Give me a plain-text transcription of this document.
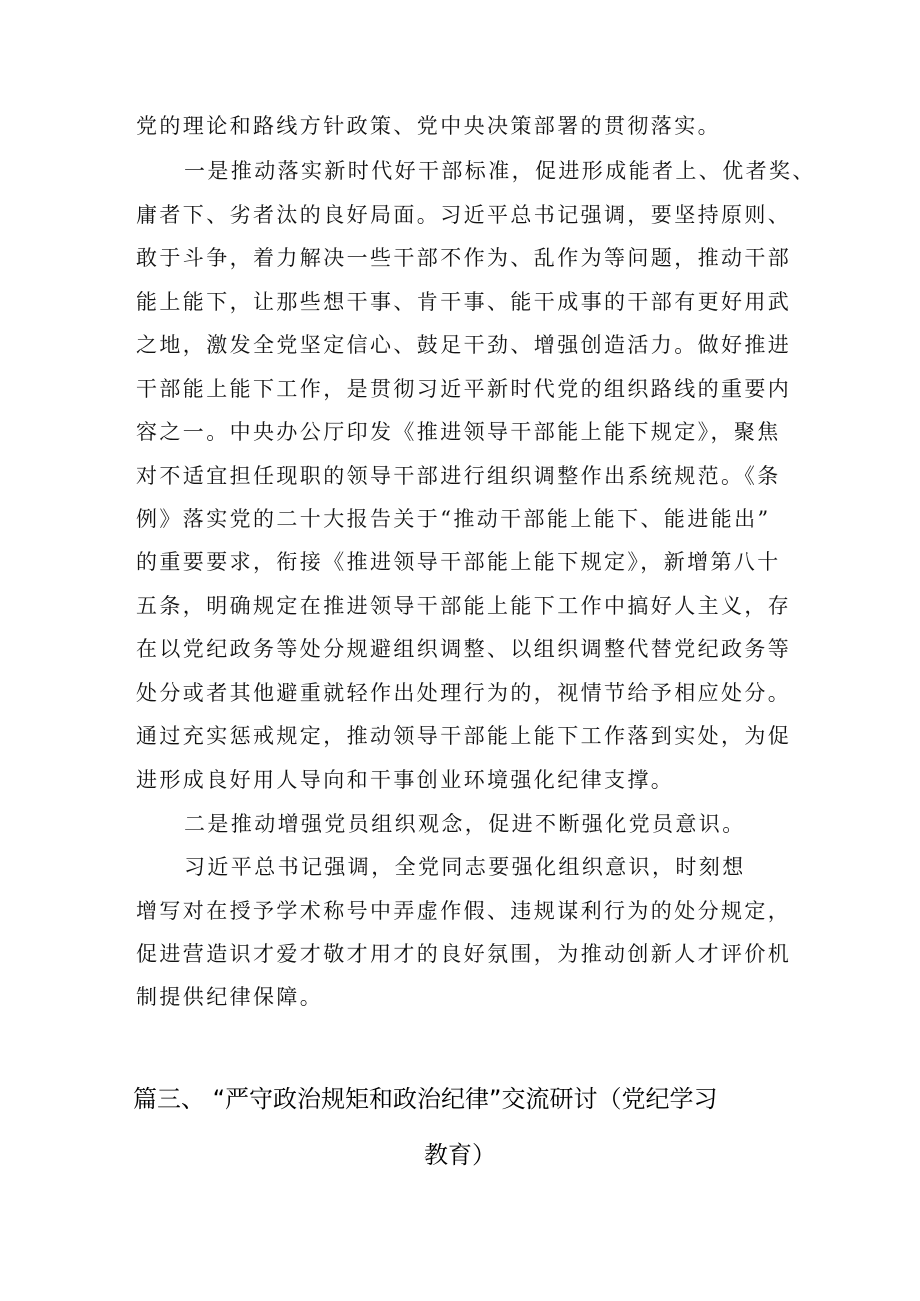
党的理论和路线方针政策、党中央决策部署的贯彻落实。
一是推动落实新时代好干部标准，促进形成能者上、优者奖、
庸者下、劣者汰的良好局面。习近平总书记强调，要坚持原则、
敢于斗争，着力解决一些干部不作为、乱作为等问题，推动干部
能上能下，让那些想干事、肯干事、能干成事的干部有更好用武
之地，激发全党坚定信心、鼓足干劲、增强创造活力。做好推进
干部能上能下工作，是贯彻习近平新时代党的组织路线的重要内
容之一。中央办公厅印发《推进领导干部能上能下规定》，聚焦
对不适宜担任现职的领导干部进行组织调整作出系统规范。《条
例》落实党的二十大报告关于“推动干部能上能下、能进能出”
的重要要求，衔接《推进领导干部能上能下规定》，新增第八十
五条，明确规定在推进领导干部能上能下工作中搞好人主义，存
在以党纪政务等处分规避组织调整、以组织调整代替党纪政务等
处分或者其他避重就轻作出处理行为的，视情节给予相应处分。
通过充实惩戒规定，推动领导干部能上能下工作落到实处，为促
进形成良好用人导向和干事创业环境强化纪律支撑。
二是推动增强党员组织观念，促进不断强化党员意识。
习近平总书记强调，全党同志要强化组织意识，时刻想
增写对在授予学术称号中弄虚作假、违规谋利行为的处分规定，
促进营造识才爱才敬才用才的良好氛围，为推动创新人才评价机
制提供纪律保障。
篇三、 “严守政治规矩和政治纪律”交流研讨（党纪学习
教育）
